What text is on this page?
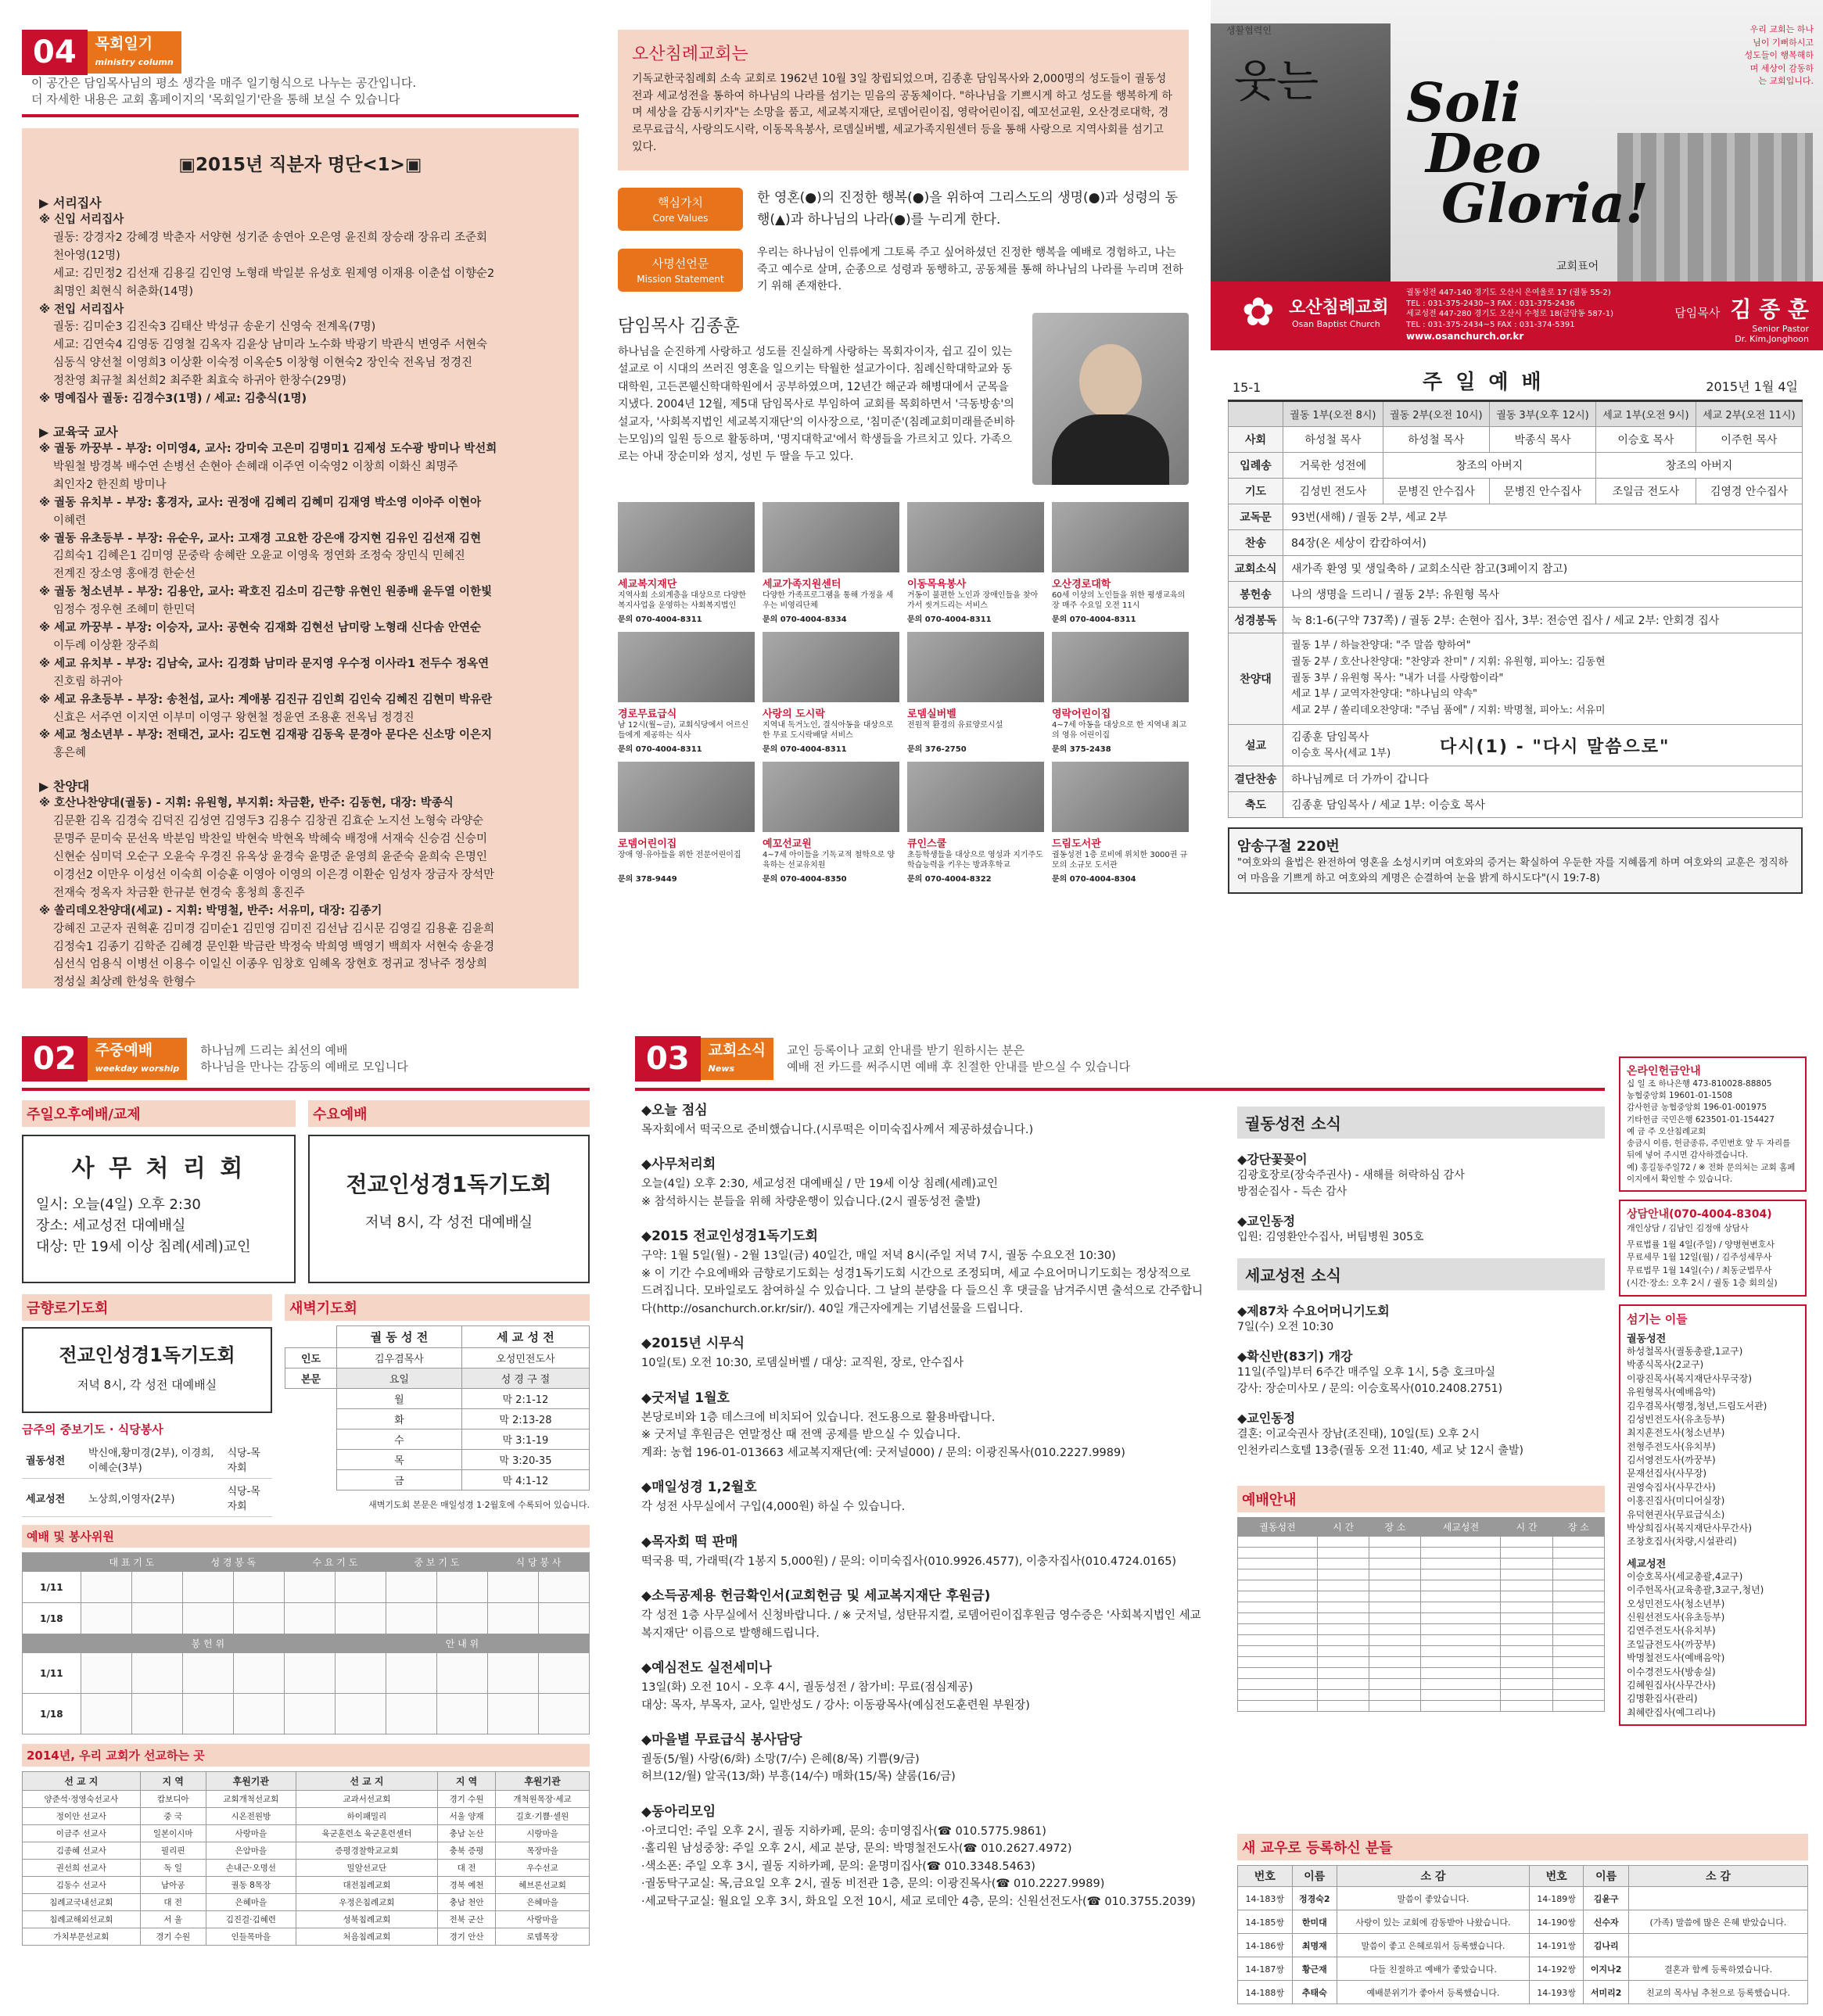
04 목회일기
ministry column 이 공간은 담임목사님의 평소 생각을 매주 일기형식으로 나누는 공간입니다.
더 자세한 내용은 교회 홈페이지의 '목회일기'란을 통해 보실 수 있습니다
▣2015년 직분자 명단<1>▣
▶ 서리집사
※ 신입 서리집사
궐동: 강경자2 강혜경 박춘자 서양현 성기준 송연아 오은영 윤진희 장승래 장유리 조준회
천아영(12명)
세교: 김민정2 김선재 김용길 김인영 노형래 박일분 유성호 원제영 이재용 이춘섭 이향순2
최명인 최현식 허춘화(14명)
※ 전입 서리집사
궐동: 김미순3 김진숙3 김태산 박성규 송운기 신영숙 전계옥(7명)
세교: 김연숙4 김영동 김영철 김옥자 김윤상 남미라 노수화 박광기 박관식 변영주 서현숙
심동식 양선철 이영희3 이상환 이숙정 이옥순5 이창형 이현숙2 장인숙 전옥님 정경진
정찬영 최규철 최선희2 최주환 최효숙 하귀아 한창수(29명)
※ 명예집사 궐동: 김경수3(1명) / 세교: 김충식(1명)
▶ 교육국 교사
※ 궐동 까꿍부 - 부장: 이미영4, 교사: 강미숙 고은미 김명미1 김제성 도수광 방미나 박선희
박원철 방경복 배수연 손병선 손현아 손혜래 이주연 이숙영2 이창희 이화신 최명주
최인자2 한진희 방미나
※ 궐동 유치부 - 부장: 홍경자, 교사: 권정애 김혜리 김혜미 김재영 박소영 이아주 이현아
이혜련
※ 궐동 유초등부 - 부장: 유순우, 교사: 고재경 고요한 강은애 강지현 김유인 김선재 김현
김희숙1 김혜은1 김미영 문중락 송혜란 오윤교 이영욱 정연화 조정숙 장민식 민혜진
전계진 장소영 홍애경 한순선
※ 궐동 청소년부 - 부장: 김용안, 교사: 곽호진 김소미 김근향 유현인 원종배 윤두열 이한빛
임정수 정우현 조혜미 한민덕
※ 세교 까꿍부 - 부장: 이승자, 교사: 공현숙 김재화 김현선 남미랑 노형래 신다솜 안연순
이두례 이상환 장주희
※ 세교 유치부 - 부장: 김남숙, 교사: 김경화 남미라 문지영 우수정 이사라1 전두수 정옥연
진호림 하귀아
※ 세교 유초등부 - 부장: 송천섭, 교사: 계애봉 김진규 김인희 김인숙 김혜진 김현미 박유란
신효은 서주연 이지연 이부미 이영구 왕현철 정윤연 조용훈 전옥님 정경진
※ 세교 청소년부 - 부장: 전태건, 교사: 김도현 김재광 김동욱 문경아 문다은 신소망 이은지
홍은혜
▶ 찬양대
※ 호산나찬양대(궐동) - 지휘: 유원형, 부지휘: 차금환, 반주: 김동현, 대장: 박종식
김문환 김옥 김경숙 김덕진 김성연 김영두3 김용수 김창권 김효순 노지선 노형숙 라양순
문명주 문미숙 문선옥 박분임 박찬일 박현숙 박현옥 박혜숙 배정애 서재숙 신승검 신승미
신현순 심미덕 오순구 오윤숙 우경진 유옥상 윤경숙 윤명준 윤영희 윤준숙 윤희숙 은명인
이경선2 이만우 이성선 이숙희 이승훈 이영아 이영의 이은경 이환순 임성자 장금자 장석만
전재숙 정옥자 차금환 한규분 현경숙 홍청희 홍진주
※ 쏠리데오찬양대(세교) - 지휘: 박명철, 반주: 서유미, 대장: 김종기
강혜진 고군자 권혁훈 김미경 김미순1 김민영 김미진 김선남 김시문 김영길 김용훈 김윤희
김정숙1 김종기 김학준 김혜경 문인환 박금란 박정숙 박희영 백영기 백희자 서현숙 송윤경
심선식 엄용식 이병선 이용수 이일신 이종우 임창호 임혜옥 장현호 정귀교 정낙주 정상희
정성실 최상례 한성욱 한형수
오산침례교회는
기독교한국침례회 소속 교회로 1962년 10월 3일 창립되었으며, 김종훈 담임목사와 2,000명의 성도들이 궐동성전과 세교성전을 통하여 하나님의 나라를 섬기는 믿음의 공동체이다. "하나님을 기쁘시게 하고 성도를 행복하게 하며 세상을 감동시키자"는 소망을 품고, 세교복지재단, 로뎀어린이집, 영락어린이집, 예꼬선교원, 오산경로대학, 경로무료급식, 사랑의도시락, 이동목욕봉사, 로뎀실버벨, 세교가족지원센터 등을 통해 사랑으로 지역사회를 섬기고 있다.
핵심가치
Core Values
한 영혼(●)의 진정한 행복(●)을 위하여 그리스도의 생명(●)과 성령의 동행(▲)과 하나님의 나라(●)를 누리게 한다.
사명선언문
Mission Statement
우리는 하나님이 인류에게 그토록 주고 싶어하셨던 진정한 행복을 예배로 경험하고, 나는 죽고 예수로 살며, 순종으로 성령과 동행하고, 공동체를 통해 하나님의 나라를 누리며 전하기 위해 존재한다.
담임목사 김종훈
하나님을 순진하게 사랑하고 성도를 진실하게 사랑하는 목회자이자, 쉽고 깊이 있는 설교로 이 시대의 쓰러진 영혼을 일으키는 탁월한 설교가이다. 침례신학대학교와 동대학원, 고든콘웰신학대학원에서 공부하였으며, 12년간 해군과 해병대에서 군목을 지냈다. 2004년 12월, 제5대 담임목사로 부임하여 교회를 목회하면서 '극동방송'의 설교자, '사회복지법인 세교복지재단'의 이사장으로, '침미준'(침례교회미래를준비하는모임)의 일원 등으로 활동하며, '명지대학교'에서 학생들을 가르치고 있다. 가족으로는 아내 장순미와 성지, 성빈 두 딸을 두고 있다.
세교복지재단
지역사회 소외계층을 대상으로 다양한 복지사업을 운영하는 사회복지법인
문의 070-4004-8311
세교가족지원센터
다양한 가족프로그램을 통해 가정을 세우는 비영리단체
문의 070-4004-8334
이동목욕봉사
거동이 불편한 노인과 장애인들을 찾아가서 씻겨드리는 서비스
문의 070-4004-8311
오산경로대학
60세 이상의 노인들을 위한 평생교육의 장 매주 수요일 오전 11시
문의 070-4004-8311
경로무료급식
남 12시(월~금), 교회식당에서 어르신들에게 제공하는 식사
문의 070-4004-8311
사랑의 도시락
지역내 독거노인, 결식아동을 대상으로 한 무료 도시락배달 서비스
문의 070-4004-8311
로뎀실버벨
전원적 환경의 유료양로시설
문의 376-2750
영락어린이집
4~7세 아동을 대상으로 한 지역내 최고의 영유 어린이집
문의 375-2438
로뎀어린이집
장애 영·유아들을 위한 전문어린이집
문의 378-9449
예꼬선교원
4~7세 아이들을 기독교적 철학으로 양육하는 선교유치원
문의 070-4004-8350
큐인스쿨
초등학생들을 대상으로 영성과 지기주도 학습능력을 키우는 방과후학교
문의 070-4004-8322
드림도서관
궐동성전 1층 로비에 위치한 3000권 규모의 소규모 도서관
문의 070-4004-8304
생활협력인
웃는
우리 교회는 하나님이 기뻐하시고 성도들이 행복해하며 세상이 감동하는 교회입니다.
Soli
Deo
Gloria!
교회표어
✿ 오산침례교회
Osan Baptist Church
궐동성전 447-140 경기도 오산시 은여울로 17 (궐동 55-2)
TEL : 031-375-2430~3 FAX : 031-375-2436
세교성전 447-280 경기도 오산시 수청로 18(금암동 587-1)
TEL : 031-375-2434~5 FAX : 031-374-5391
www.osanchurch.or.kr
담임목사 김 종 훈
Senior Pastor
Dr. Kim,Jonghoon
15-1	주 일 예 배	2015년 1월 4일
	궐동 1부(오전 8시)	궐동 2부(오전 10시)	궐동 3부(오후 12시)	세교 1부(오전 9시)	세교 2부(오전 11시)
사회	하성철 목사	하성철 목사	박종식 목사	이승호 목사	이주헌 목사
입례송	거룩한 성전에	창조의 아버지		창조의 아버지	
기도	김성빈 전도사	문병진 안수집사	문병진 안수집사	조일금 전도사	김영경 안수집사
교독문	93번(새해) / 궐동 2부, 세교 2부				
찬송	84장(온 세상이 캄캄하여서)				
교회소식	새가족 환영 및 생일축하 / 교회소식란 참고(3페이지 참고)				
봉헌송	나의 생명을 드리니 / 궐동 2부: 유원형 목사				
성경봉독	눅 8:1-6(구약 737쪽) / 궐동 2부: 손현아 집사, 3부: 전승연 집사 / 세교 2부: 안회경 집사				
찬양대	궐동 1부 / 하늘찬양대: "주 말씀 향하여"
궐동 2부 / 호산나찬양대: "찬양과 찬미" / 지휘: 유원형, 피아노: 김동현
궐동 3부 / 유원형 목사: "내가 너를 사랑함이라"
세교 1부 / 교역자찬양대: "하나님의 약속"
세교 2부 / 쏠리데오찬양대: "주님 품에" / 지휘: 박명철, 피아노: 서유미				

설교	김종훈 담임목사
이승호 목사(세교 1부) 다시(1) - "다시 말씀으로"				

결단찬송	하나님께로 더 가까이 갑니다				
축도	김종훈 담임목사 / 세교 1부: 이승호 목사				
암송구절 220번
"여호와의 율법은 완전하여 영혼을 소성시키며 여호와의 증거는 확실하여 우둔한 자를 지혜롭게 하며 여호와의 교훈은 정직하여 마음을 기쁘게 하고 여호와의 계명은 순결하여 눈을 밝게 하시도다"(시 19:7-8)
02 주중예배
weekday worship 하나님께 드리는 최선의 예배
하나님을 만나는 감동의 예배로 모입니다
주일오후예배/교제
사 무 처 리 회
일시: 오늘(4일) 오후 2:30
장소: 세교성전 대예배실
대상: 만 19세 이상 침례(세례)교인
수요예배
전교인성경1독기도회
저녁 8시, 각 성전 대예배실
금향로기도회
전교인성경1독기도회
저녁 8시, 각 성전 대예배실
금주의 중보기도 · 식당봉사
궐동성전	박신애,황미경(2부), 이경희,이혜순(3부)	식당-목자회
세교성전	노상희,이영자(2부)	식당-목자회
새벽기도회
	궐 동 성 전	세 교 성 전
인도	김우겸목사	오성민전도사
본문	요일	성 경 구 절
	월	막 2:1-12
	화	막 2:13-28
	수	막 3:1-19
	목	막 3:20-35
	금	막 4:1-12
새벽기도회 본문은 매일성경 1·2월호에 수록되어 있습니다.
예배 및 봉사위원
	대 표 기 도		성 경 봉 독		수 요 기 도		중 보 기 도		식 당 봉 사	
1/11										
1/18										
	봉 헌 위					안 내 위				
1/11										
1/18										
2014년, 우리 교회가 선교하는 곳
선 교 지	지 역	후원기관	선 교 지	지 역	후원기관
양준석·정영숙선교사	캄보디아	교회개척선교회	교과서선교회	경기 수원	개척원목장·세교
정이안 선교사	중 국	시온전원방	하이패밀리	서울 양재	길호·기쁨·셀원
이금주 선교사	일본이시마	사랑마을	육군훈련소 육군훈련센터	충남 논산	시랑마을
김종혜 선교사	필리핀	은암마을	증평경찰학교교회	충북 증평	목장마을
권선희 선교사	독 일	손내근·오명선	밀알선교단	대 전	우수선교
김동수 선교사	남아공	궐동 8목장	대전침례교회	경북 예천	헤브론선교회
침례교국내선교회	대 전	은혜마을	우정은침례교회	충남 천안	은혜마을
침례교해외선교회	서 울	김진걸·김혜련	성북침례교회	전북 군산	사랑마을
가치부문선교회	경기 수원	인들목마을	처음침례교회	경기 안산	로뎀목장
03 교회소식
News 교인 등록이나 교회 안내를 받기 원하시는 분은
예배 전 카드를 써주시면 예배 후 친절한 안내를 받으실 수 있습니다
◆오늘 점심
목자회에서 떡국으로 준비했습니다.(시루떡은 이미숙집사께서 제공하셨습니다.)
◆사무처리회
오늘(4일) 오후 2:30, 세교성전 대예배실 / 만 19세 이상 침례(세례)교인
※ 참석하시는 분들을 위해 차량운행이 있습니다.(2시 궐동성전 출발)
◆2015 전교인성경1독기도회
구약: 1월 5일(월) - 2월 13일(금) 40일간, 매일 저녁 8시(주일 저녁 7시, 궐동 수요오전 10:30)
※ 이 기간 수요예배와 금향로기도회는 성경1독기도회 시간으로 조정되며, 세교 수요어머니기도회는 정상적으로 드려집니다. 모바일로도 참여하실 수 있습니다. 그 날의 분량을 다 들으신 후 댓글을 남겨주시면 출석으로 간주합니다(http://osanchurch.or.kr/sir/). 40일 개근자에게는 기념선물을 드립니다.
◆2015년 시무식
10일(토) 오전 10:30, 로뎀실버벨 / 대상: 교직원, 장로, 안수집사
◆굿저널 1월호
본당로비와 1층 데스크에 비치되어 있습니다. 전도용으로 활용바랍니다.
※ 굿저널 후원금은 연말정산 때 전액 공제를 받으실 수 있습니다.
계좌: 농협 196-01-013663 세교복지재단(예: 굿저널000) / 문의: 이광진목사(010.2227.9989)
◆매일성경 1,2월호
각 성전 사무실에서 구입(4,000원) 하실 수 있습니다.
◆목자회 떡 판매
떡국용 떡, 가래떡(각 1봉지 5,000원) / 문의: 이미숙집사(010.9926.4577), 이충자집사(010.4724.0165)
◆소득공제용 헌금확인서(교회헌금 및 세교복지재단 후원금)
각 성전 1층 사무실에서 신청바랍니다. / ※ 굿저널, 성탄뮤지컬, 로뎀어린이집후원금 영수증은 '사회복지법인 세교복지재단' 이름으로 발행해드립니다.
◆예심전도 실전세미나
13일(화) 오전 10시 - 오후 4시, 궐동성전 / 참가비: 무료(점심제공)
대상: 목자, 부목자, 교사, 일반성도 / 강사: 이동광목사(예심전도훈련원 부원장)
◆마을별 무료급식 봉사담당
궐동(5/월) 사랑(6/화) 소망(7/수) 은혜(8/목) 기쁨(9/금)
허브(12/월) 알곡(13/화) 부흥(14/수) 매화(15/목) 샬롬(16/금)
◆동아리모임
·아코디언: 주일 오후 2시, 궐동 지하카페, 문의: 송미영집사(☎ 010.5775.9861)
·홀리원 남성중창: 주일 오후 2시, 세교 분당, 문의: 박명철전도사(☎ 010.2627.4972)
·색소폰: 주일 오후 3시, 궐동 지하카페, 문의: 윤명미집사(☎ 010.3348.5463)
·궐동탁구교실: 목,금요일 오후 2시, 궐동 비전관 1층, 문의: 이광진목사(☎ 010.2227.9989)
·세교탁구교실: 월요일 오후 3시, 화요일 오전 10시, 세교 로데안 4층, 문의: 신원선전도사(☎ 010.3755.2039)
궐동성전 소식
◆강단꽃꽂이
김광호장로(장숙주권사) - 새해를 허락하심 감사
방점순집사 - 득손 감사
◆교인동정
입원: 김영환안수집사, 버팀병원 305호
세교성전 소식
◆제87차 수요어머니기도회
7일(수) 오전 10:30
◆확신반(83기) 개강
11일(주일)부터 6주간 매주일 오후 1시, 5층 호크마실
강사: 장순미사모 / 문의: 이승호목사(010.2408.2751)
◆교인동정
결혼: 이교숙권사 장남(조진태), 10일(토) 오후 2시
인천카리스호텔 13층(궐동 오전 11:40, 세교 낮 12시 출발)
예배안내
궐동성전	시 간	장 소	세교성전	시 간	장 소

새 교우로 등록하신 분들
번호	이름	소 감	번호	이름	소 감
14-183쌍	정경숙2	말씀이 좋았습니다.	14-189쌍	김윤구	
14-185쌍	한미대	사랑이 있는 교회에 감동받아 나왔습니다.	14-190쌍	신수자	(가족) 말씀에 많은 은혜 받았습니다.
14-186쌍	최명재	말씀이 좋고 은혜로워서 등록했습니다.	14-191쌍	김나리	
14-187쌍	황근재	다들 친절하고 예배가 좋았습니다.	14-192쌍	이지나2	결혼과 함께 등록하였습니다.
14-188쌍	추태숙	예배분위기가 좋아서 등록했습니다.	14-193쌍	서미리2	친교의 목사님 추천으로 등록했습니다.
온라인헌금안내
십 일 조 하나은행 473-810028-88805
농협중앙회 19601-01-1508
감사헌금 농협중앙회 196-01-001975
기타헌금 국민은행 623501-01-154427
예 금 주 오산침례교회
송금시 이름, 헌금종류, 주민번호 앞 두 자리를 뒤에 넣어 주시면 감사하겠습니다.
예) 홍길동주일72 / ※ 전화 문의처는 교회 홈페이지에서 확인할 수 있습니다.
상담안내(070-4004-8304)
개인상담 / 김남인 김정애 상담사
무료법률 1월 4일(주일) / 양병현변호사
무료세무 1월 12일(월) / 김주성세무사
무료법무 1월 14일(수) / 최동군법무사
(시간·장소: 오후 2시 / 궐동 1층 회의실)
섬기는 이들
궐동성전
하성철목사(궐동총괄,1교구)
박종식목사(2교구)
이광진목사(복지재단사무국장)
유원형목사(예배음악)
김우겸목사(행정,청년,드림도서관)
김성빈전도사(유초등부)
최지훈전도사(청소년부)
전형주전도사(유치부)
김서영전도사(까꿍부)
문재선집사(사무장)
권영숙집사(사무간사)
이홍진집사(미디어실장)
유덕현권사(무료급식소)
박상희집사(복지재단사무간사)
조창호집사(차량,시설관리)
세교성전
이승호목사(세교총괄,4교구)
이주헌목사(교육총괄,3교구,청년)
오성민전도사(청소년부)
신원선전도사(유초등부)
김연주전도사(유치부)
조일금전도사(까꿍부)
박명철전도사(예배음악)
이수경전도사(방송실)
김혜원집사(사무간사)
김명환집사(관리)
최혜란집사(예그리나)
